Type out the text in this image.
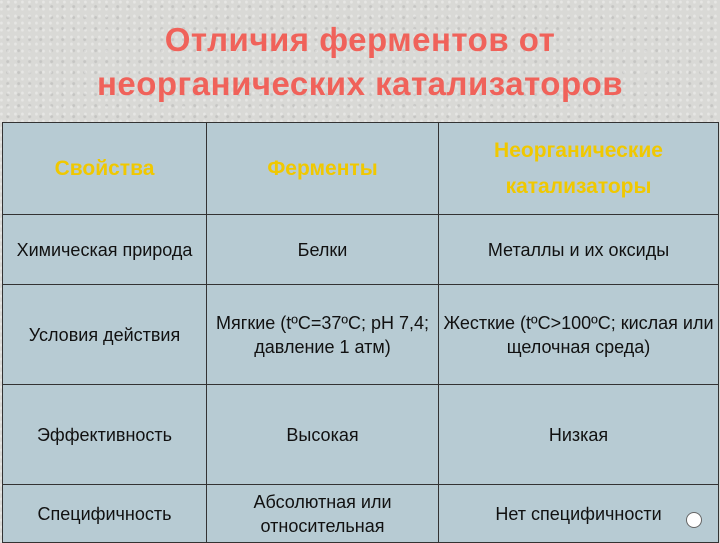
Отличия ферментов от
неорганических катализаторов
Свойства	Ферменты	Неорганические катализаторы
Химическая природа	Белки	Металлы и их оксиды
Условия действия	Мягкие (tºC=37ºC; pH 7,4; давление 1 атм)	Жесткие (tºC>100ºC; кислая или щелочная среда)
Эффективность	Высокая	Низкая
Специфичность	Абсолютная или относительная	Нет специфичности
